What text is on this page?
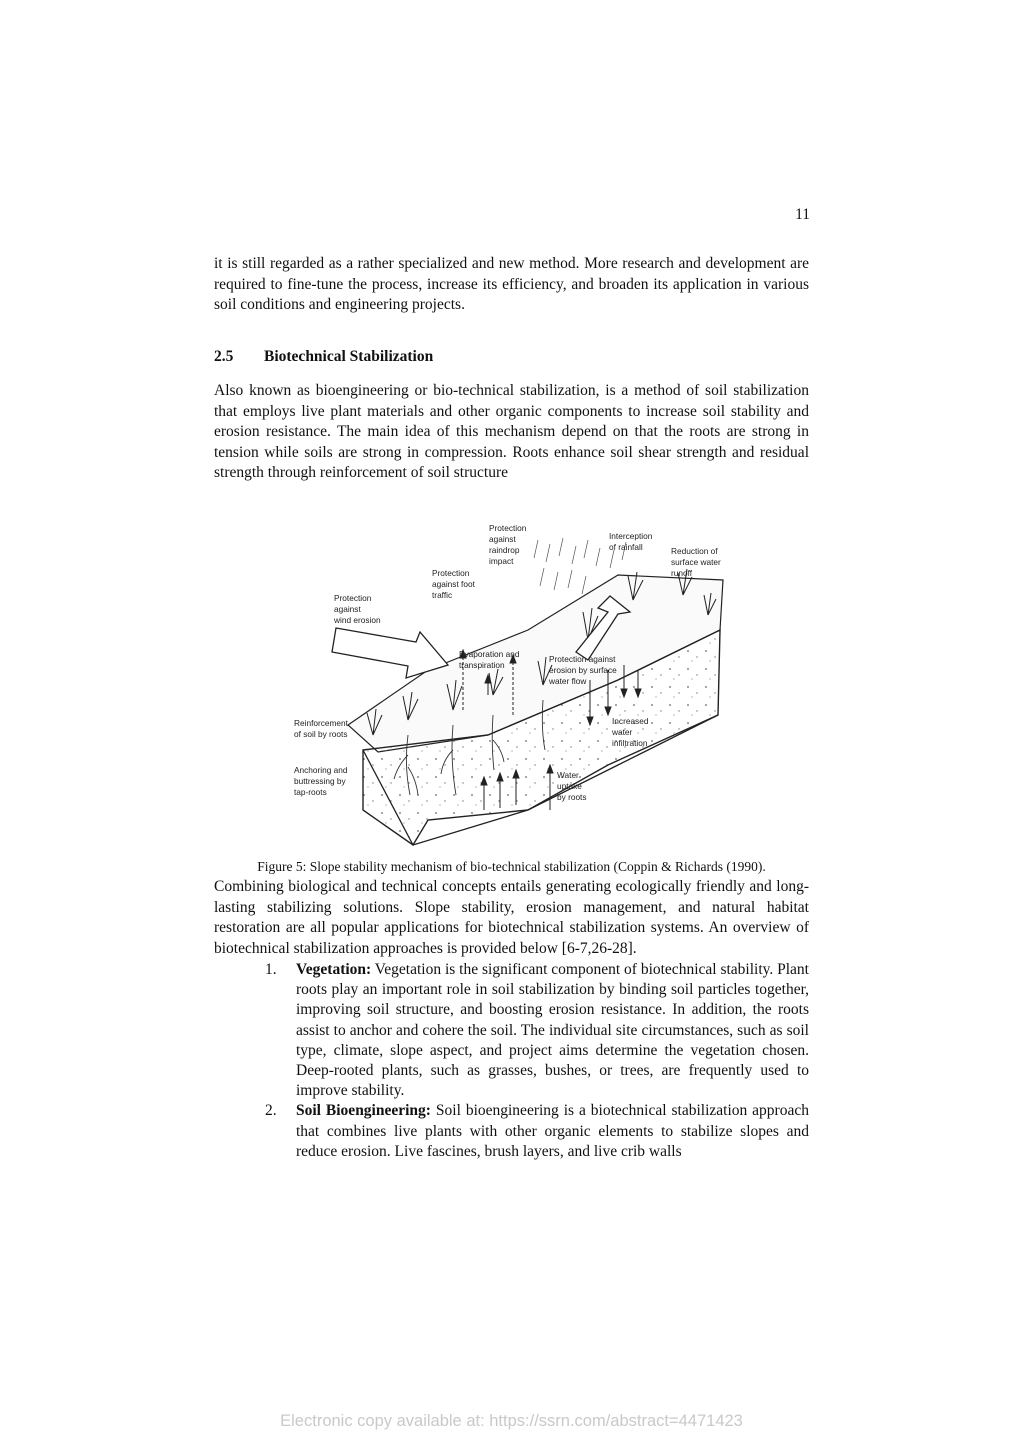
11

it is still regarded as a rather specialized and new method. More research and development are required to fine-tune the process, increase its efficiency, and broaden its application in various soil conditions and engineering projects.

2.5 Biotechnical Stabilization

Also known as bioengineering or bio-technical stabilization, is a method of soil stabilization that employs live plant materials and other organic components to increase soil stability and erosion resistance. The main idea of this mechanism depend on that the roots are strong in tension while soils are strong in compression. Roots enhance soil shear strength and residual strength through reinforcement of soil structure

Protection against raindrop impact
Interception of rainfall	Reduction of surface water runoff
Protection against foot traffic
Protection against wind erosion
Evaporation and transpiration
Protection against erosion by surface water flow
Reinforcement of soil by roots
Increased water infiltration
Anchoring and buttressing by tap-roots
Water uptake by roots
Figure 5: Slope stability mechanism of bio-technical stabilization (Coppin & Richards (1990).

Combining biological and technical concepts entails generating ecologically friendly and long-lasting stabilizing solutions. Slope stability, erosion management, and natural habitat restoration are all popular applications for biotechnical stabilization systems. An overview of biotechnical stabilization approaches is provided below [6-7,26-28].

1. Vegetation: Vegetation is the significant component of biotechnical stability. Plant roots play an important role in soil stabilization by binding soil particles together, improving soil structure, and boosting erosion resistance. In addition, the roots assist to anchor and cohere the soil. The individual site circumstances, such as soil type, climate, slope aspect, and project aims determine the vegetation chosen. Deep-rooted plants, such as grasses, bushes, or trees, are frequently used to improve stability.
2. Soil Bioengineering: Soil bioengineering is a biotechnical stabilization approach that combines live plants with other organic elements to stabilize slopes and reduce erosion. Live fascines, brush layers, and live crib walls
Electronic copy available at: https://ssrn.com/abstract=4471423
